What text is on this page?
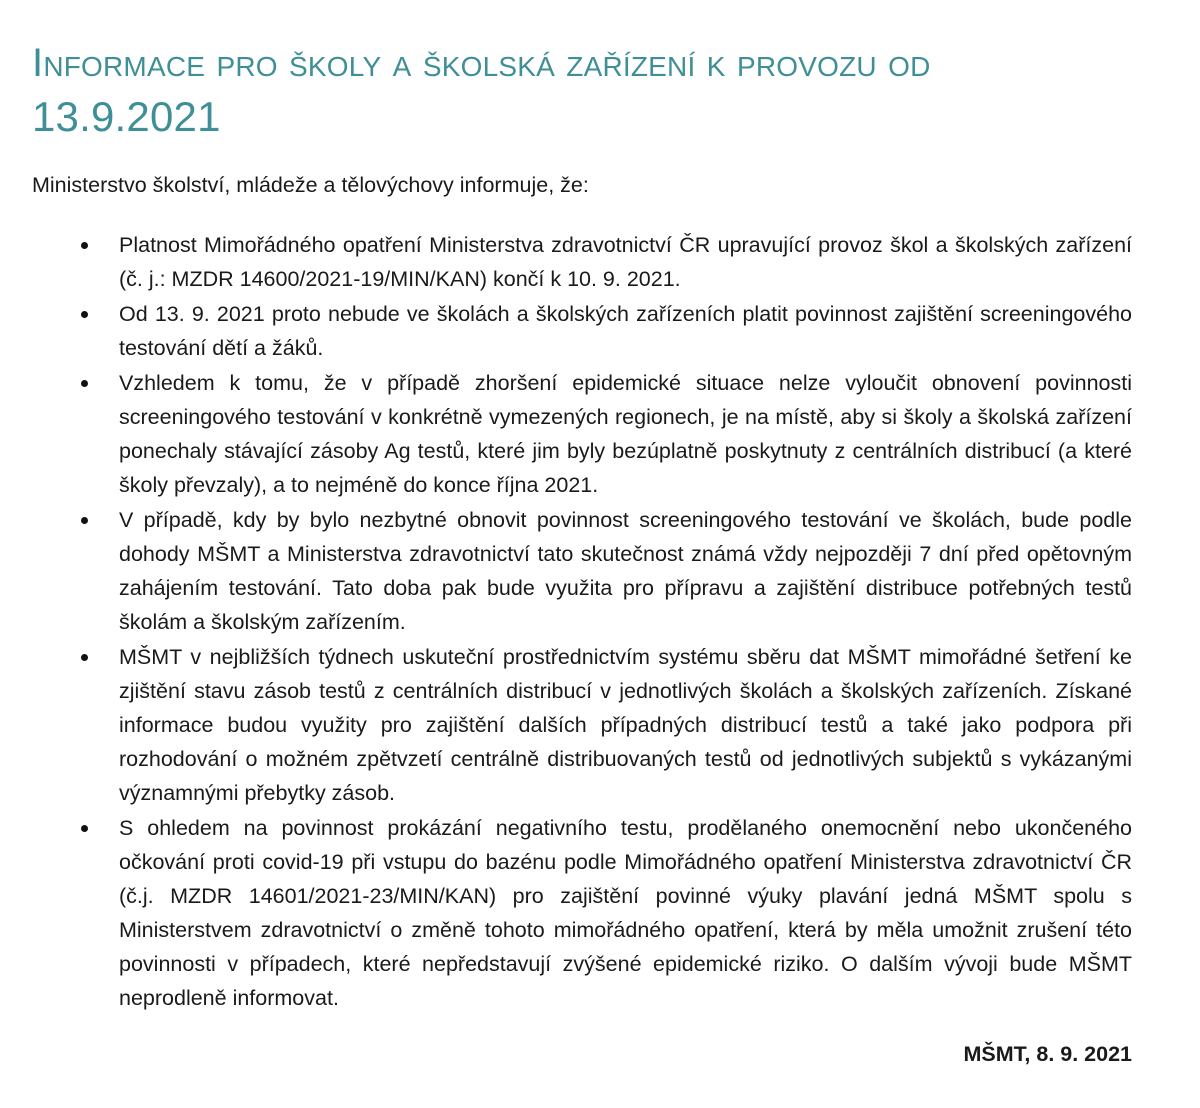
Informace pro školy a školská zařízení k provozu od
13.9.2021

Ministerstvo školství, mládeže a tělovýchovy informuje, že:

Platnost Mimořádného opatření Ministerstva zdravotnictví ČR upravující provoz škol a školských zařízení (č. j.: MZDR 14600/2021-19/MIN/KAN) končí k 10. 9. 2021.
Od 13. 9. 2021 proto nebude ve školách a školských zařízeních platit povinnost zajištění screeningového testování dětí a žáků.
Vzhledem k tomu, že v případě zhoršení epidemické situace nelze vyloučit obnovení povinnosti screeningového testování v konkrétně vymezených regionech, je na místě, aby si školy a školská zařízení ponechaly stávající zásoby Ag testů, které jim byly bezúplatně poskytnuty z centrálních distribucí (a které školy převzaly), a to nejméně do konce října 2021.
V případě, kdy by bylo nezbytné obnovit povinnost screeningového testování ve školách, bude podle dohody MŠMT a Ministerstva zdravotnictví tato skutečnost známá vždy nejpozději 7 dní před opětovným zahájením testování. Tato doba pak bude využita pro přípravu a zajištění distribuce potřebných testů školám a školským zařízením.
MŠMT v nejbližších týdnech uskuteční prostřednictvím systému sběru dat MŠMT mimořádné šetření ke zjištění stavu zásob testů z centrálních distribucí v jednotlivých školách a školských zařízeních. Získané informace budou využity pro zajištění dalších případných distribucí testů a také jako podpora při rozhodování o možném zpětvzetí centrálně distribuovaných testů od jednotlivých subjektů s vykázanými významnými přebytky zásob.
S ohledem na povinnost prokázání negativního testu, prodělaného onemocnění nebo ukončeného očkování proti covid-19 při vstupu do bazénu podle Mimořádného opatření Ministerstva zdravotnictví ČR (č.j. MZDR 14601/2021-23/MIN/KAN) pro zajištění povinné výuky plavání jedná MŠMT spolu s Ministerstvem zdravotnictví o změně tohoto mimořádného opatření, která by měla umožnit zrušení této povinnosti v případech, které nepředstavují zvýšené epidemické riziko. O dalším vývoji bude MŠMT neprodleně informovat.
MŠMT, 8. 9. 2021
